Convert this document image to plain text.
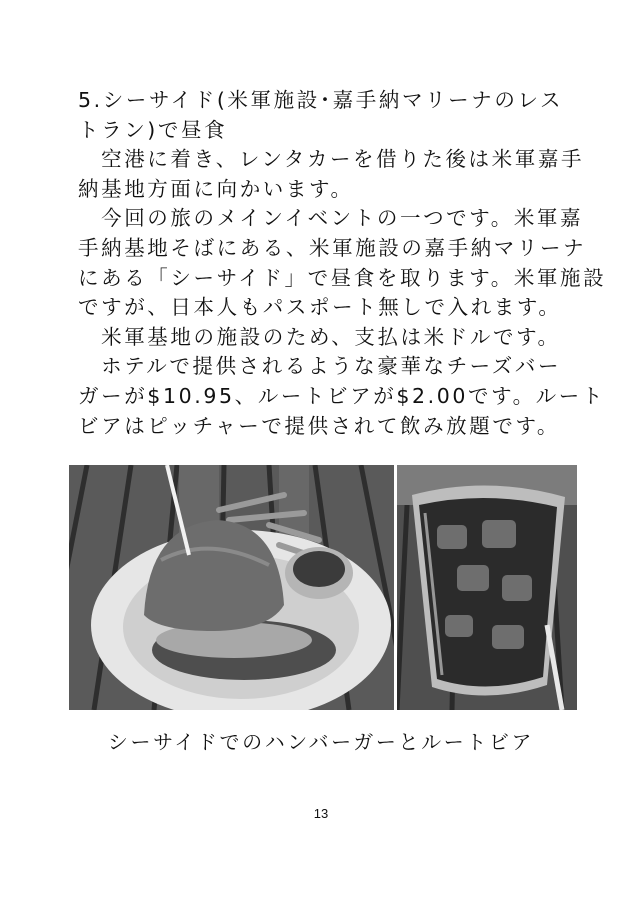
5.シーサイド(米軍施設･嘉手納マリーナのレス
トラン)で昼食
　空港に着き、レンタカーを借りた後は米軍嘉手
納基地方面に向かいます。
　今回の旅のメインイベントの一つです。米軍嘉
手納基地そばにある、米軍施設の嘉手納マリーナ
にある「シーサイド」で昼食を取ります。米軍施設
ですが、日本人もパスポート無しで入れます。
　米軍基地の施設のため、支払は米ドルです。
　ホテルで提供されるような豪華なチーズバー
ガーが$10.95、ルートビアが$2.00です。ルート
ビアはピッチャーで提供されて飲み放題です。

シーサイドでのハンバーガーとルートビア

13
